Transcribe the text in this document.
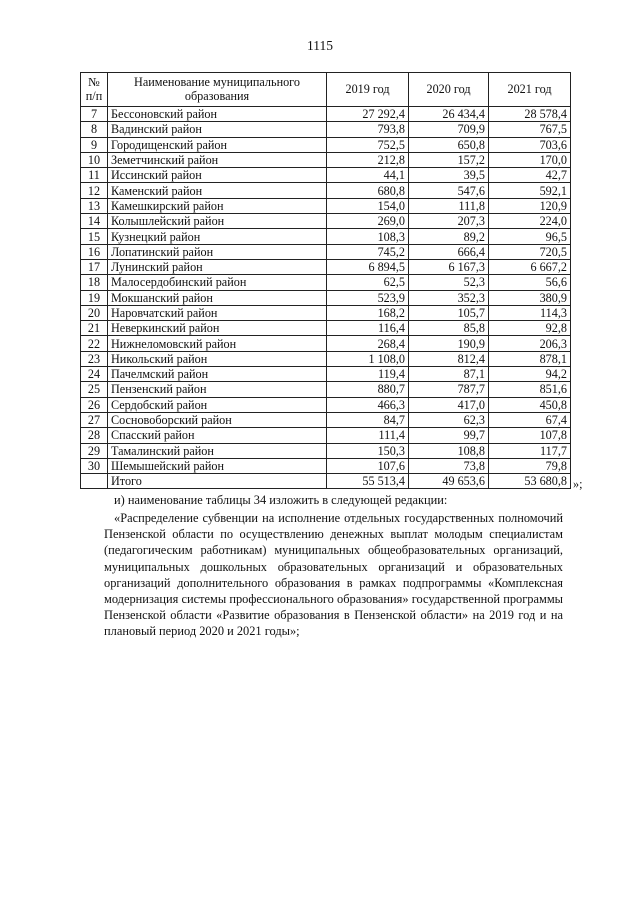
1115
№ п/п	Наименование муниципального образования	2019 год	2020 год	2021 год
7	Бессоновский район	27 292,4	26 434,4	28 578,4
8	Вадинский район	793,8	709,9	767,5
9	Городищенский район	752,5	650,8	703,6
10	Земетчинский район	212,8	157,2	170,0
11	Иссинский район	44,1	39,5	42,7
12	Каменский район	680,8	547,6	592,1
13	Камешкирский район	154,0	111,8	120,9
14	Колышлейский район	269,0	207,3	224,0
15	Кузнецкий район	108,3	89,2	96,5
16	Лопатинский район	745,2	666,4	720,5
17	Лунинский район	6 894,5	6 167,3	6 667,2
18	Малосердобинский район	62,5	52,3	56,6
19	Мокшанский район	523,9	352,3	380,9
20	Наровчатский район	168,2	105,7	114,3
21	Неверкинский район	116,4	85,8	92,8
22	Нижнеломовский район	268,4	190,9	206,3
23	Никольский район	1 108,0	812,4	878,1
24	Пачелмский район	119,4	87,1	94,2
25	Пензенский район	880,7	787,7	851,6
26	Сердобский район	466,3	417,0	450,8
27	Сосновоборский район	84,7	62,3	67,4
28	Спасский район	111,4	99,7	107,8
29	Тамалинский район	150,3	108,8	117,7
30	Шемышейский район	107,6	73,8	79,8
	Итого	55 513,4	49 653,6	53 680,8 »;
и) наименование таблицы 34 изложить в следующей редакции:
«Распределение субвенции на исполнение отдельных государственных полномочий Пензенской области по осуществлению денежных выплат молодым специалистам (педагогическим работникам) муниципальных общеобразовательных организаций, муниципальных дошкольных образовательных организаций и образовательных организаций дополнительного образования в рамках подпрограммы «Комплексная модернизация системы профессионального образования» государственной программы Пензенской области «Развитие образования в Пензенской области» на 2019 год и на плановый период 2020 и 2021 годы»;
